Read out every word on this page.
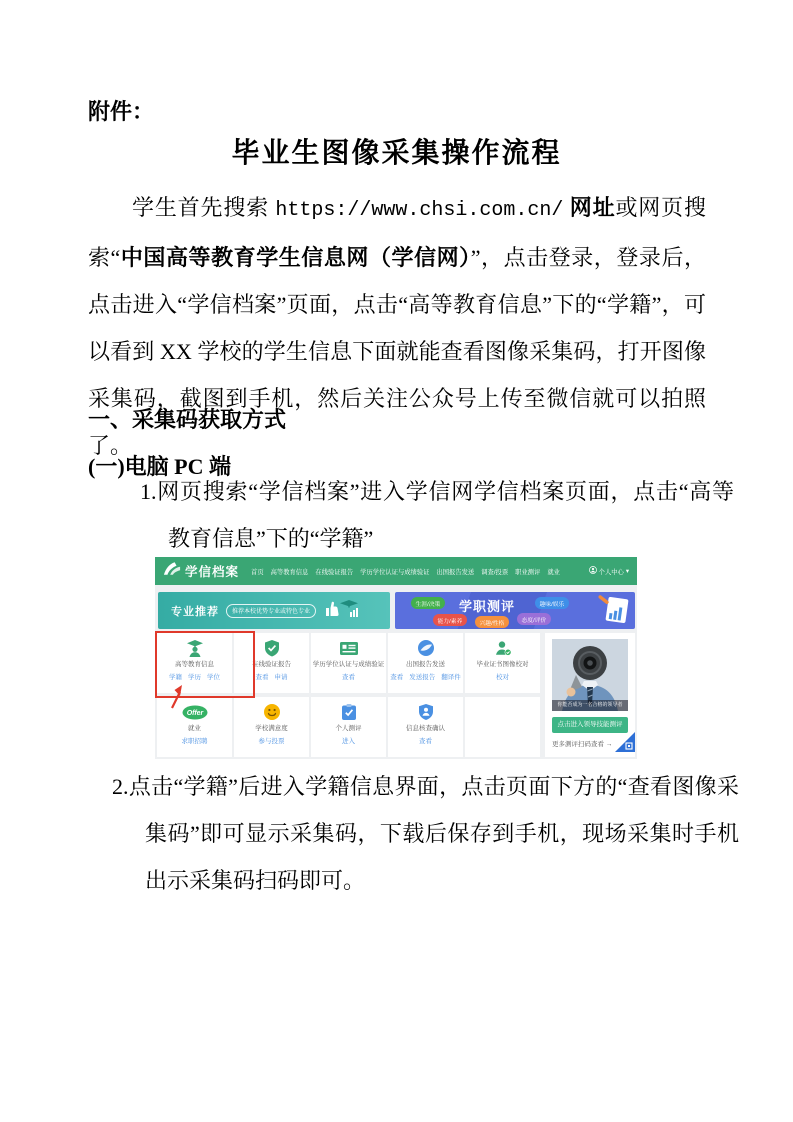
附件：
毕业生图像采集操作流程
学生首先搜索 https://www.chsi.com.cn/ 网址或网页搜索“中国高等教育学生信息网（学信网）”，点击登录，登录后，点击进入“学信档案”页面，点击“高等教育信息”下的“学籍”，可以看到 XX 学校的学生信息下面就能查看图像采集码，打开图像采集码，截图到手机，然后关注公众号上传至微信就可以拍照了。
一、采集码获取方式
(一)电脑 PC 端
1.网页搜索“学信档案”进入学信网学信档案页面，点击“高等教育信息”下的“学籍”
学信档案 首页 高等教育信息 在线验证报告 学历学位认证与成绩验证 出国报告发送 调查/投票 职业测评 就业	个人中心 ▾
专业推荐	推荐本校优势专业或特色专业
生涯/决策	学职测评	趣味/娱乐
能力/素养	兴趣/性格	态度/评价
高等教育信息
学籍 学历 学位
在线验证报告
查看 申请
学历学位认证与成绩验证
查看
出国报告发送
查看 发送报告 翻译件
毕业证书图像校对
校对
Offer
就业
求职招聘
学校满意度
参与投票
个人测评
进入
信息核查确认
查看
你能否成为一名合格的领导者
点击进入领导技能测评
更多测评扫码查看 →
2.点击“学籍”后进入学籍信息界面，点击页面下方的“查看图像采集码”即可显示采集码，下载后保存到手机，现场采集时手机出示采集码扫码即可。
